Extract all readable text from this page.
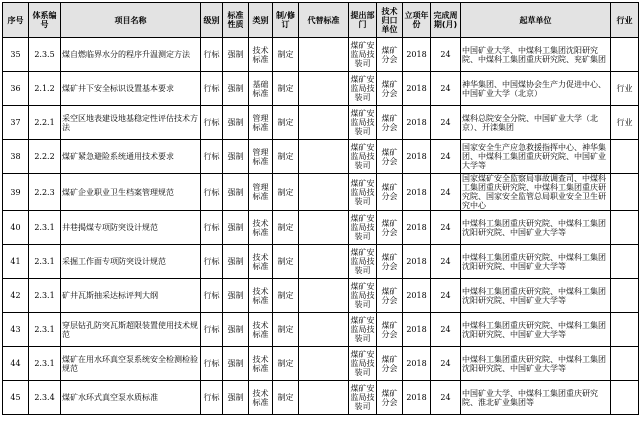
序号	体系编号	项目名称	级别	标准性质	类别	制/修订	代替标准	提出部门	技术归口单位	立项年份	完成周期(月)	起草单位	行业
35	2.3.5	煤自燃临界水分的程序升温测定方法	行标	强制	技术标准	制定		煤矿安监局技装司	煤矿分会	2018	24	中国矿业大学、中煤科工集团沈阳研究院、中煤科工集团重庆研究院、兖矿集团	
36	2.1.2	煤矿井下安全标识设置基本要求	行标	强制	基础标准	制定		煤矿安监局技装司	煤矿分会	2018	24	神华集团、中国煤协会生产力促进中心、中国矿业大学（北京）	行业
37	2.2.1	采空区地表建设地基稳定性评估技术方法	行标	强制	管理标准	制定		煤矿安监局技装司	煤矿分会	2018	24	煤科总院安全分院、中国矿业大学（北京）、开滦集团	行业
38	2.2.2	煤矿紧急避险系统通用技术要求	行标	强制	管理标准	制定		煤矿安监局技装司	煤矿分会	2018	24	国家安全生产应急救援指挥中心、神华集团、中煤科工集团重庆研究院、中国矿业大学等	
39	2.2.3	煤矿企业职业卫生档案管理规范	行标	强制	管理标准	制定		煤矿安监局技装司	煤矿分会	2018	24	国家煤矿安全监察局事故调查司、中煤科工集团重庆研究院、中煤科工集团重庆研究院、国家安全监管总局职业安全卫生研究中心	
40	2.3.1	井巷揭煤专项防突设计规范	行标	强制	技术标准	制定		煤矿安监局技装司	煤矿分会	2018	24	中煤科工集团重庆研究院、中煤科工集团沈阳研究院、中国矿业大学等	
41	2.3.1	采掘工作面专项防突设计规范	行标	强制	技术标准	制定		煤矿安监局技装司	煤矿分会	2018	24	中煤科工集团重庆研究院、中煤科工集团沈阳研究院、中国矿业大学等	
42	2.3.1	矿井瓦斯抽采达标评判大纲	行标	强制	技术标准	制定		煤矿安监局技装司	煤矿分会	2018	24	中煤科工集团重庆研究院、中煤科工集团沈阳研究院、中国矿业大学等	
43	2.3.1	穿层钻孔防突瓦斯超限装置使用技术规范	行标	强制	技术标准	制定		煤矿安监局技装司	煤矿分会	2018	24	中煤科工集团重庆研究院、中煤科工集团沈阳研究院、中国矿业大学等	
44	2.3.1	煤矿在用水环真空泵系统安全检测检验规范	行标	强制	技术标准	制定		煤矿安监局技装司	煤矿分会	2018	24	中煤科工集团重庆研究院、中煤科工集团沈阳研究院、中国矿业大学等	
45	2.3.4	煤矿水环式真空泵水质标准	行标	强制	技术标准	制定		煤矿安监局技装司	煤矿分会	2018	24	中国矿业大学、中煤科工集团重庆研究院、淮北矿业集团等	
